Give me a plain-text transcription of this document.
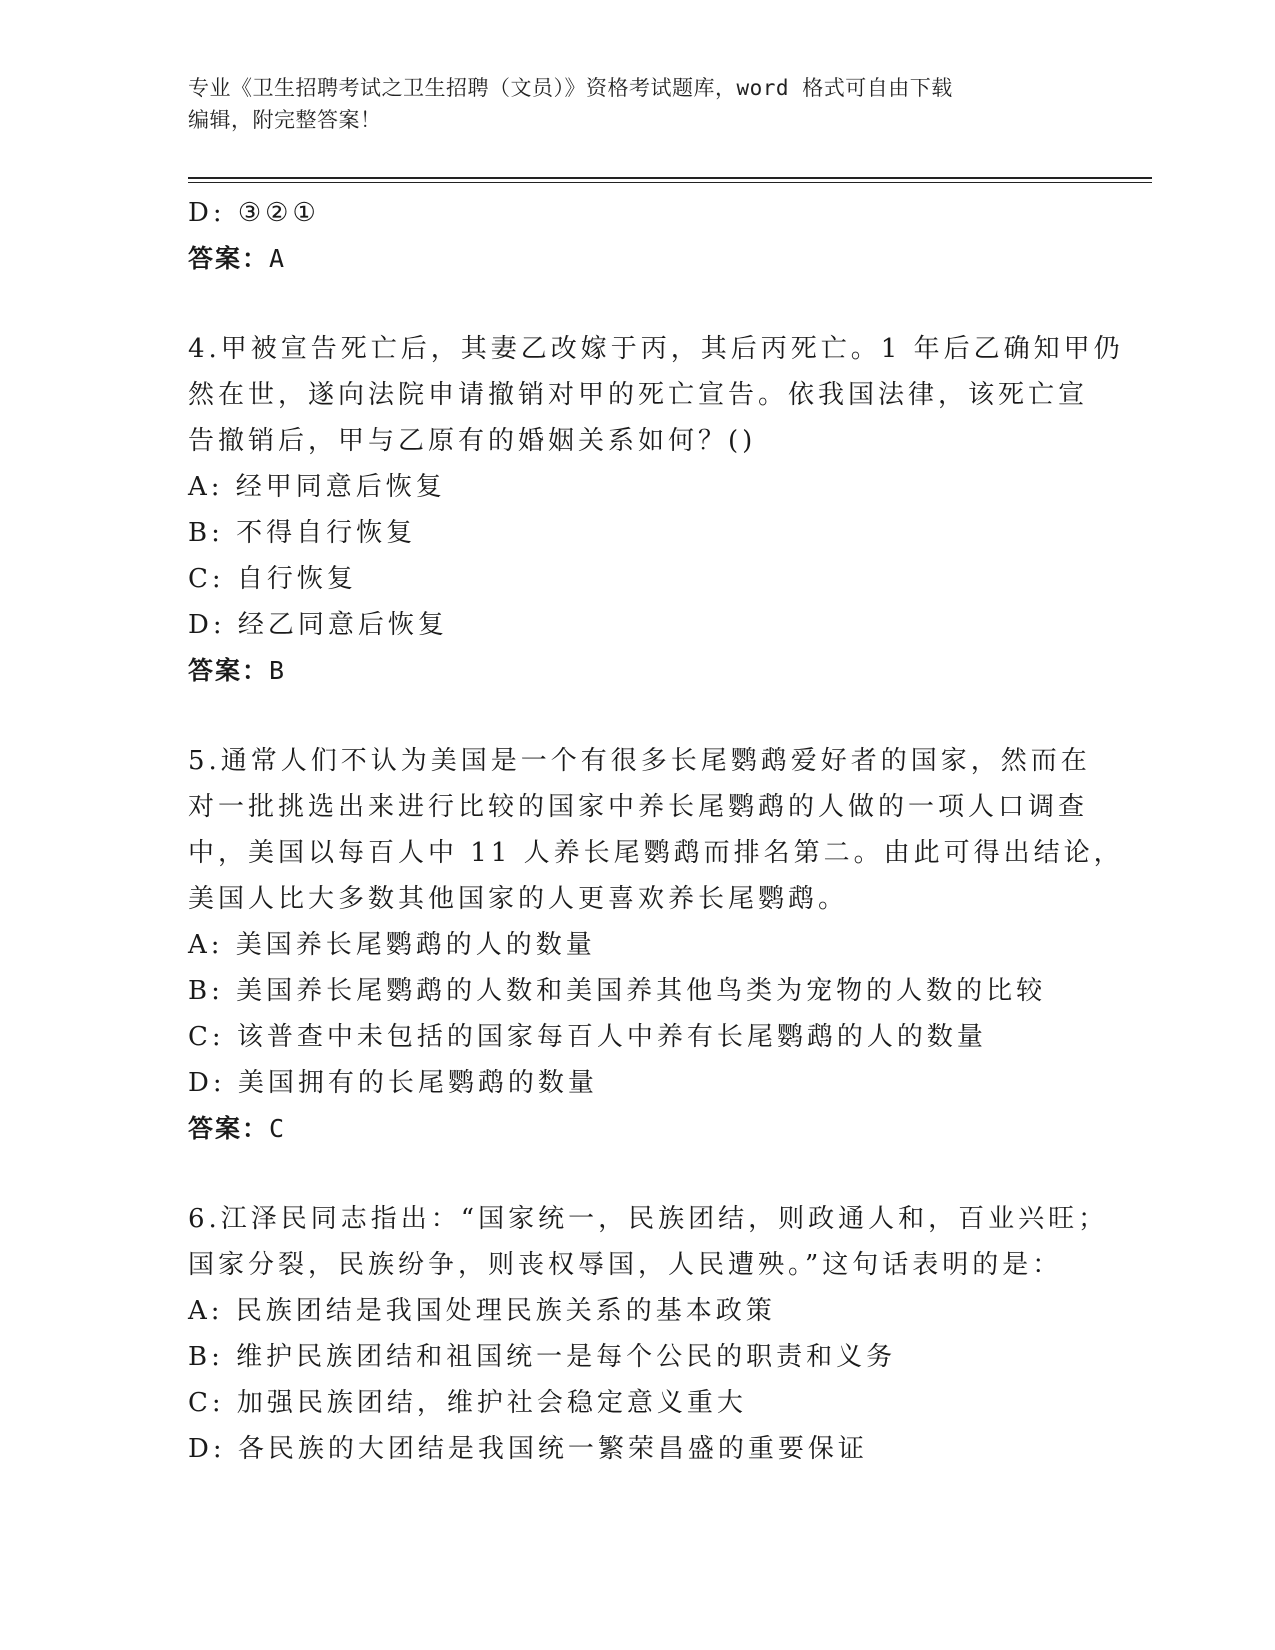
专业《卫生招聘考试之卫生招聘（文员）》资格考试题库，word 格式可自由下载
编辑，附完整答案！
D: ③②①
答案：A
4.甲被宣告死亡后，其妻乙改嫁于丙，其后丙死亡。1 年后乙确知甲仍
然在世，遂向法院申请撤销对甲的死亡宣告。依我国法律，该死亡宣
告撤销后，甲与乙原有的婚姻关系如何？()
A: 经甲同意后恢复
B: 不得自行恢复
C: 自行恢复
D: 经乙同意后恢复
答案：B
5.通常人们不认为美国是一个有很多长尾鹦鹉爱好者的国家，然而在
对一批挑选出来进行比较的国家中养长尾鹦鹉的人做的一项人口调查
中，美国以每百人中 11 人养长尾鹦鹉而排名第二。由此可得出结论，
美国人比大多数其他国家的人更喜欢养长尾鹦鹉。
A: 美国养长尾鹦鹉的人的数量
B: 美国养长尾鹦鹉的人数和美国养其他鸟类为宠物的人数的比较
C: 该普查中未包括的国家每百人中养有长尾鹦鹉的人的数量
D: 美国拥有的长尾鹦鹉的数量
答案：C
6.江泽民同志指出：“国家统一，民族团结，则政通人和，百业兴旺；
国家分裂，民族纷争，则丧权辱国，人民遭殃。”这句话表明的是：
A: 民族团结是我国处理民族关系的基本政策
B: 维护民族团结和祖国统一是每个公民的职责和义务
C: 加强民族团结，维护社会稳定意义重大
D: 各民族的大团结是我国统一繁荣昌盛的重要保证
